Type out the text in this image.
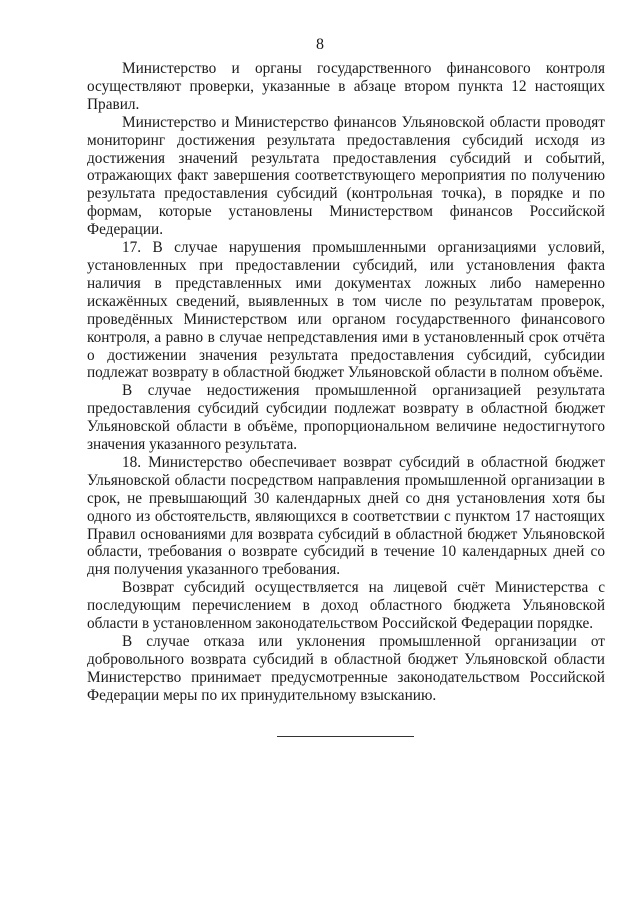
8

Министерство и органы государственного финансового контроля осуществляют проверки, указанные в абзаце втором пункта 12 настоящих Правил.

Министерство и Министерство финансов Ульяновской области проводят мониторинг достижения результата предоставления субсидий исходя из достижения значений результата предоставления субсидий и событий, отражающих факт завершения соответствующего мероприятия по получению результата предоставления субсидий (контрольная точка), в порядке и по формам, которые установлены Министерством финансов Российской Федерации.

17. В случае нарушения промышленными организациями условий, установленных при предоставлении субсидий, или установления факта наличия в представленных ими документах ложных либо намеренно искажённых сведений, выявленных в том числе по результатам проверок, проведённых Министерством или органом государственного финансового контроля, а равно в случае непредставления ими в установленный срок отчёта о достижении значения результата предоставления субсидий, субсидии подлежат возврату в областной бюджет Ульяновской области в полном объёме.

В случае недостижения промышленной организацией результата предоставления субсидий субсидии подлежат возврату в областной бюджет Ульяновской области в объёме, пропорциональном величине недостигнутого значения указанного результата.

18. Министерство обеспечивает возврат субсидий в областной бюджет Ульяновской области посредством направления промышленной организации в срок, не превышающий 30 календарных дней со дня установления хотя бы одного из обстоятельств, являющихся в соответствии с пунктом 17 настоящих Правил основаниями для возврата субсидий в областной бюджет Ульяновской области, требования о возврате субсидий в течение 10 календарных дней со дня получения указанного требования.

Возврат субсидий осуществляется на лицевой счёт Министерства с последующим перечислением в доход областного бюджета Ульяновской области в установленном законодательством Российской Федерации порядке.

В случае отказа или уклонения промышленной организации от добровольного возврата субсидий в областной бюджет Ульяновской области Министерство принимает предусмотренные законодательством Российской Федерации меры по их принудительному взысканию.
